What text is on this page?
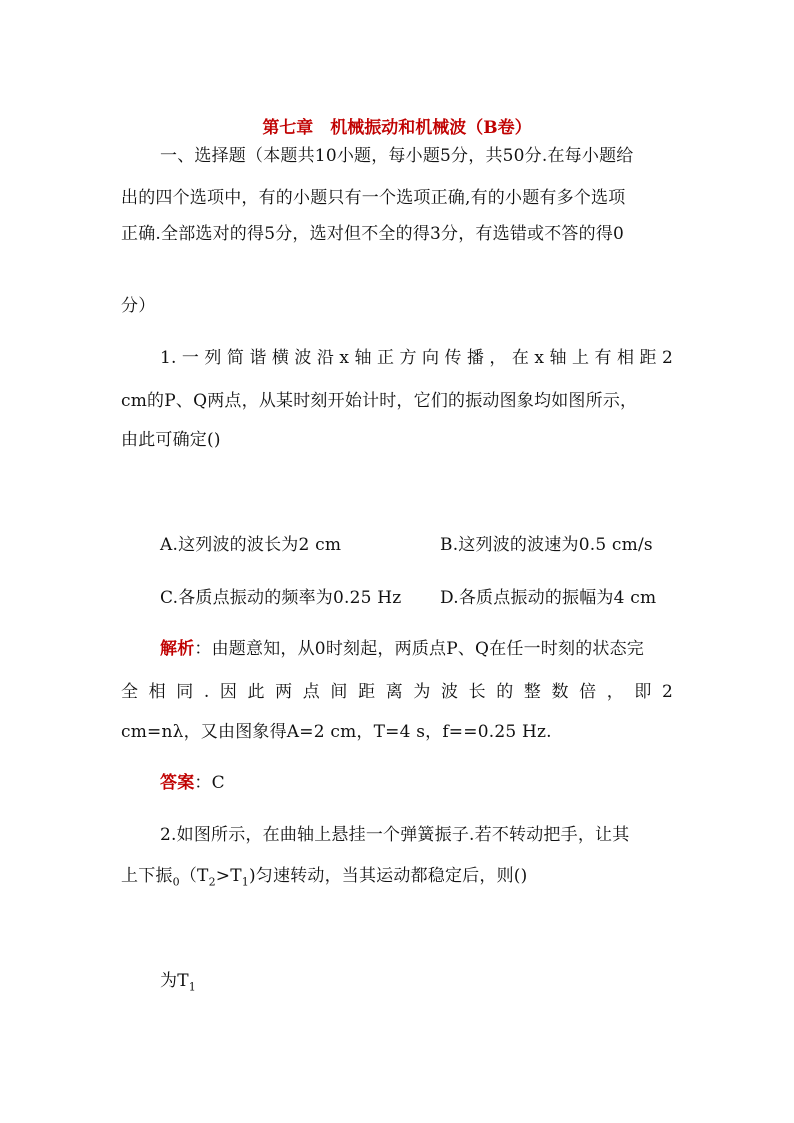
第七章　机械振动和机械波（B卷）
一、选择题（本题共10小题，每小题5分，共50分.在每小题给
出的四个选项中，有的小题只有一个选项正确,有的小题有多个选项
正确.全部选对的得5分，选对但不全的得3分，有选错或不答的得0
分）
1.一列简谐横波沿x轴正方向传播，在x轴上有相距2
cm的P、Q两点，从某时刻开始计时，它们的振动图象均如图所示，
由此可确定()
A.这列波的波长为2 cm	B.这列波的波速为0.5 cm/s
C.各质点振动的频率为0.25 Hz D.各质点振动的振幅为4 cm
解析：由题意知，从0时刻起，两质点P、Q在任一时刻的状态完
全相同.因此两点间距离为波长的整数倍，即2
cm=nλ，又由图象得A=2 cm，T=4 s，f==0.25 Hz.
答案：C
2.如图所示，在曲轴上悬挂一个弹簧振子.若不转动把手，让其
上下振$_0(T_2>T_1)$匀速转动，当其运动都稳定后，则()
为$T_1$
